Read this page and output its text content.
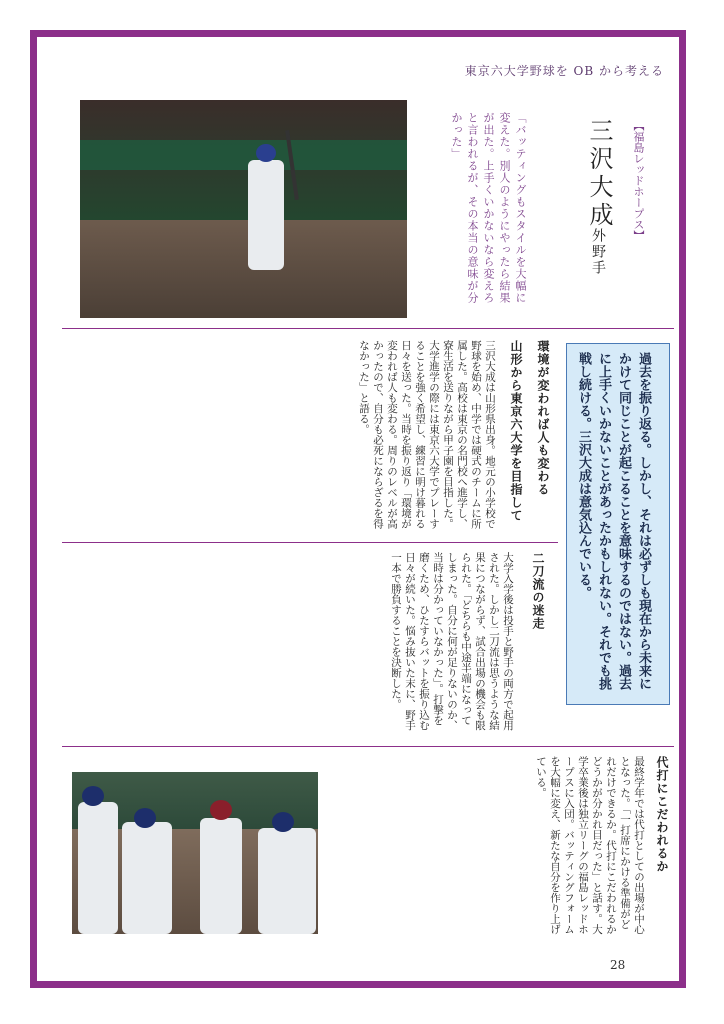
東京六大学野球を OB から考える
【福島レッドホープス】
三沢大成
外野手
「バッティングもスタイルを大幅に変えた。別人のようにやったら結果が出た。上手くいかないなら変えろと言われるが、その本当の意味が分かった」
過去を振り返る。しかし、それは必ずしも現在から未来にかけて同じことが起こることを意味するのではない。過去に上手くいかないことがあったかもしれない。それでも挑戦し続ける。三沢大成は意気込んでいる。
環境が変われば人も変わる
山形から東京六大学を目指して
三沢大成は山形県出身。地元の小学校で野球を始め、中学では硬式のチームに所属した。高校は東京の名門校へ進学し、寮生活を送りながら甲子園を目指した。大学進学の際には東京六大学でプレーすることを強く希望し、練習に明け暮れる日々を送った。当時を振り返り「環境が変われば人も変わる。周りのレベルが高かったので、自分も必死にならざるを得なかった」と語る。
二刀流の迷走
大学入学後は投手と野手の両方で起用された。しかし二刀流は思うような結果につながらず、試合出場の機会も限られた。「どちらも中途半端になってしまった。自分に何が足りないのか、当時は分かっていなかった」。打撃を磨くため、ひたすらバットを振り込む日々が続いた。悩み抜いた末に、野手一本で勝負することを決断した。
代打にこだわれるか
最終学年では代打としての出場が中心となった。「一打席にかける準備がどれだけできるか。代打にこだわれるかどうかが分かれ目だった」と話す。大学卒業後は独立リーグの福島レッドホープスに入団。バッティングフォームを大幅に変え、新たな自分を作り上げている。
28
